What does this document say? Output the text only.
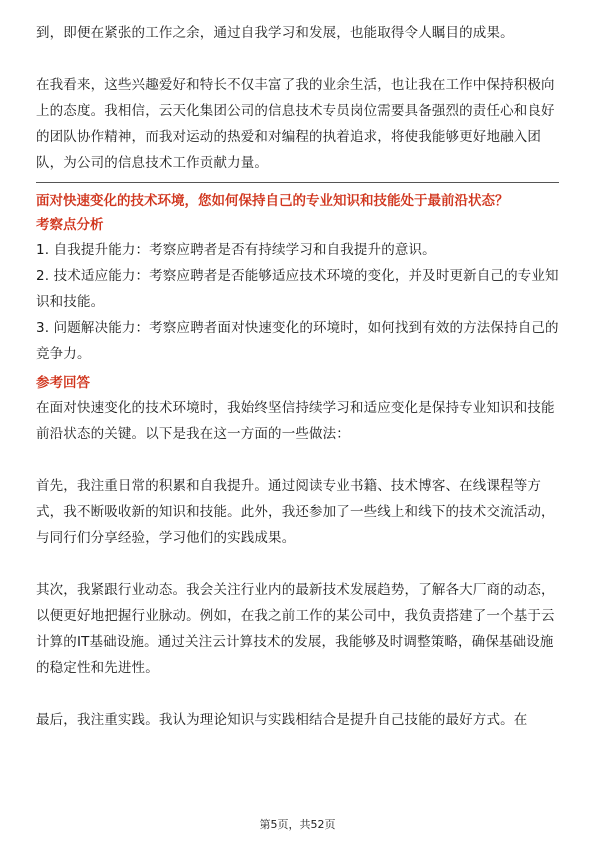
到，即便在紧张的工作之余，通过自我学习和发展，也能取得令人瞩目的成果。

在我看来，这些兴趣爱好和特长不仅丰富了我的业余生活，也让我在工作中保持积极向上的态度。我相信，云天化集团公司的信息技术专员岗位需要具备强烈的责任心和良好的团队协作精神，而我对运动的热爱和对编程的执着追求，将使我能够更好地融入团队，为公司的信息技术工作贡献力量。

面对快速变化的技术环境，您如何保持自己的专业知识和技能处于最前沿状态？
考察点分析

1. 自我提升能力：考察应聘者是否有持续学习和自我提升的意识。

2. 技术适应能力：考察应聘者是否能够适应技术环境的变化，并及时更新自己的专业知识和技能。

3. 问题解决能力：考察应聘者面对快速变化的环境时，如何找到有效的方法保持自己的竞争力。

参考回答

在面对快速变化的技术环境时，我始终坚信持续学习和适应变化是保持专业知识和技能前沿状态的关键。以下是我在这一方面的一些做法：

首先，我注重日常的积累和自我提升。通过阅读专业书籍、技术博客、在线课程等方式，我不断吸收新的知识和技能。此外，我还参加了一些线上和线下的技术交流活动，与同行们分享经验，学习他们的实践成果。

其次，我紧跟行业动态。我会关注行业内的最新技术发展趋势，了解各大厂商的动态，以便更好地把握行业脉动。例如，在我之前工作的某公司中，我负责搭建了一个基于云计算的IT基础设施。通过关注云计算技术的发展，我能够及时调整策略，确保基础设施的稳定性和先进性。

最后，我注重实践。我认为理论知识与实践相结合是提升自己技能的最好方式。在

第5页，共52页
